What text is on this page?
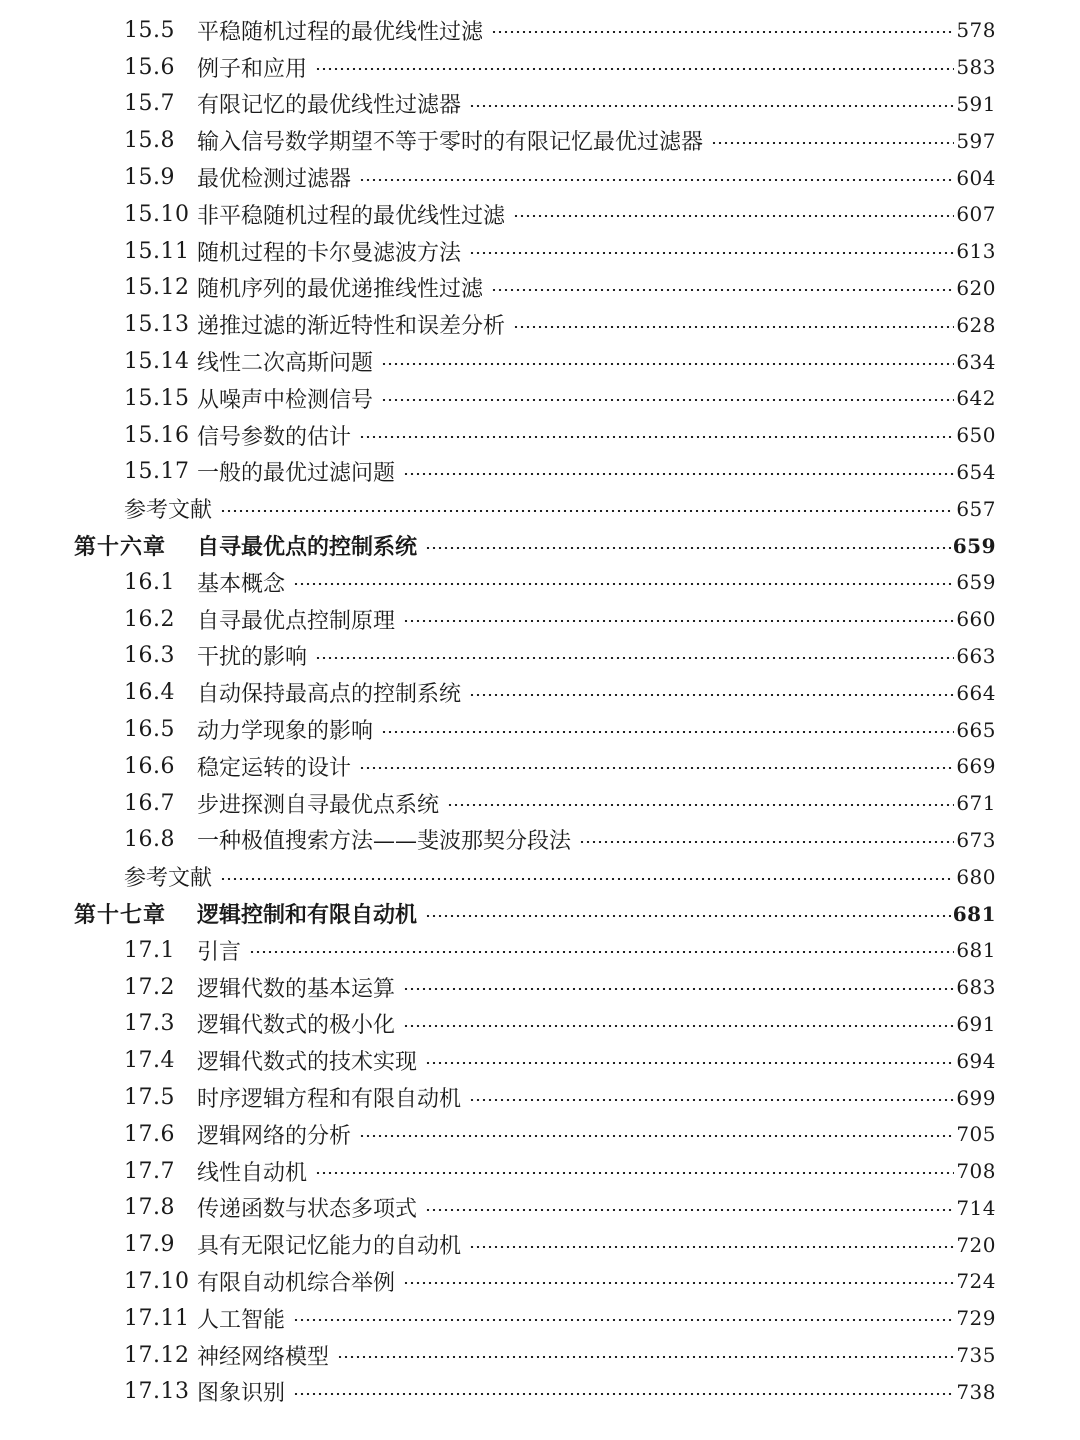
15.5	平稳随机过程的最优线性过滤	578
15.6	例子和应用	583
15.7	有限记忆的最优线性过滤器	591
15.8	输入信号数学期望不等于零时的有限记忆最优过滤器	597
15.9	最优检测过滤器	604
15.10 非平稳随机过程的最优线性过滤	607
15.11 随机过程的卡尔曼滤波方法	613
15.12 随机序列的最优递推线性过滤	620
15.13 递推过滤的渐近特性和误差分析	628
15.14 线性二次高斯问题	634
15.15 从噪声中检测信号	642
15.16 信号参数的估计	650
15.17 一般的最优过滤问题	654
参考文献	657
第十六章 自寻最优点的控制系统	659
16.1	基本概念	659
16.2	自寻最优点控制原理	660
16.3	干扰的影响	663
16.4	自动保持最高点的控制系统	664
16.5	动力学现象的影响	665
16.6	稳定运转的设计	669
16.7	步进探测自寻最优点系统	671
16.8	一种极值搜索方法——斐波那契分段法	673
参考文献	680
第十七章 逻辑控制和有限自动机	681
17.1	引言	681
17.2	逻辑代数的基本运算	683
17.3	逻辑代数式的极小化	691
17.4	逻辑代数式的技术实现	694
17.5	时序逻辑方程和有限自动机	699
17.6	逻辑网络的分析	705
17.7	线性自动机	708
17.8	传递函数与状态多项式	714
17.9	具有无限记忆能力的自动机	720
17.10 有限自动机综合举例	724
17.11 人工智能	729
17.12 神经网络模型	735
17.13 图象识别	738
